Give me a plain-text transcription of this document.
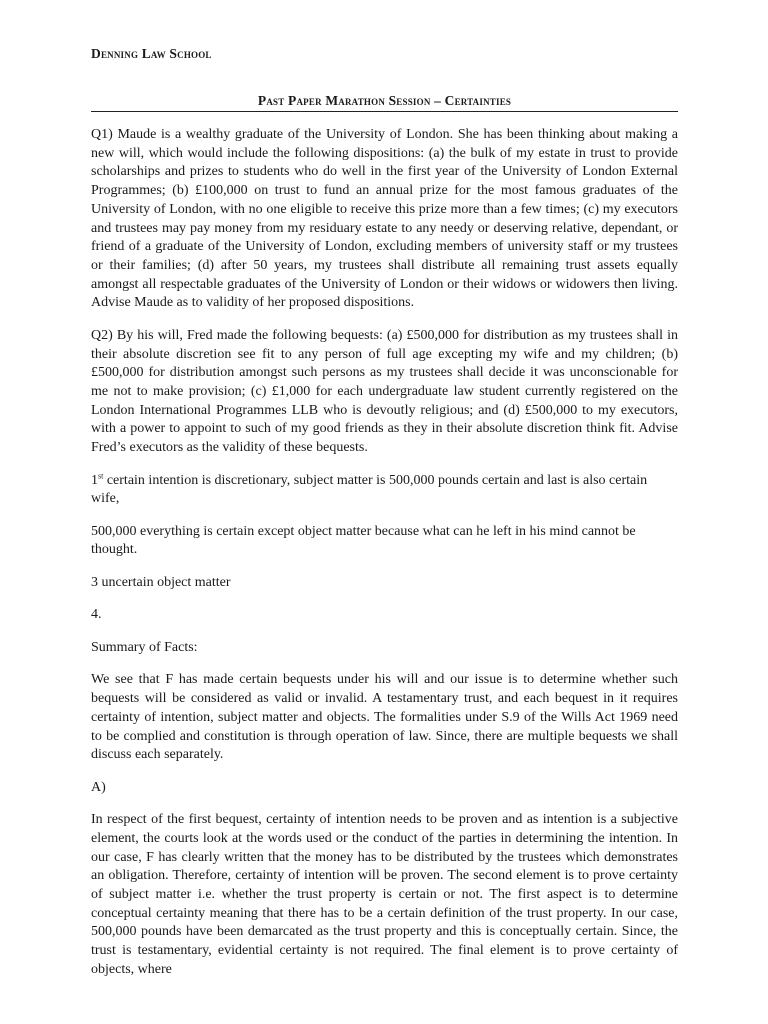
Denning Law School
Past Paper Marathon Session – Certainties

Q1) Maude is a wealthy graduate of the University of London. She has been thinking about making a new will, which would include the following dispositions: (a) the bulk of my estate in trust to provide scholarships and prizes to students who do well in the first year of the University of London External Programmes; (b) £100,000 on trust to fund an annual prize for the most famous graduates of the University of London, with no one eligible to receive this prize more than a few times; (c) my executors and trustees may pay money from my residuary estate to any needy or deserving relative, dependant, or friend of a graduate of the University of London, excluding members of university staff or my trustees or their families; (d) after 50 years, my trustees shall distribute all remaining trust assets equally amongst all respectable graduates of the University of London or their widows or widowers then living. Advise Maude as to validity of her proposed dispositions.

Q2) By his will, Fred made the following bequests: (a) £500,000 for distribution as my trustees shall in their absolute discretion see fit to any person of full age excepting my wife and my children; (b) £500,000 for distribution amongst such persons as my trustees shall decide it was unconscionable for me not to make provision; (c) £1,000 for each undergraduate law student currently registered on the London International Programmes LLB who is devoutly religious; and (d) £500,000 to my executors, with a power to appoint to such of my good friends as they in their absolute discretion think fit. Advise Fred’s executors as the validity of these bequests.

1st certain intention is discretionary, subject matter is 500,000 pounds certain and last is also certain wife,

500,000 everything is certain except object matter because what can he left in his mind cannot be thought.

3 uncertain object matter

4.

Summary of Facts:

We see that F has made certain bequests under his will and our issue is to determine whether such bequests will be considered as valid or invalid. A testamentary trust, and each bequest in it requires certainty of intention, subject matter and objects. The formalities under S.9 of the Wills Act 1969 need to be complied and constitution is through operation of law. Since, there are multiple bequests we shall discuss each separately.

A)

In respect of the first bequest, certainty of intention needs to be proven and as intention is a subjective element, the courts look at the words used or the conduct of the parties in determining the intention. In our case, F has clearly written that the money has to be distributed by the trustees which demonstrates an obligation. Therefore, certainty of intention will be proven. The second element is to prove certainty of subject matter i.e. whether the trust property is certain or not. The first aspect is to determine conceptual certainty meaning that there has to be a certain definition of the trust property. In our case, 500,000 pounds have been demarcated as the trust property and this is conceptually certain. Since, the trust is testamentary, evidential certainty is not required. The final element is to prove certainty of objects, where
